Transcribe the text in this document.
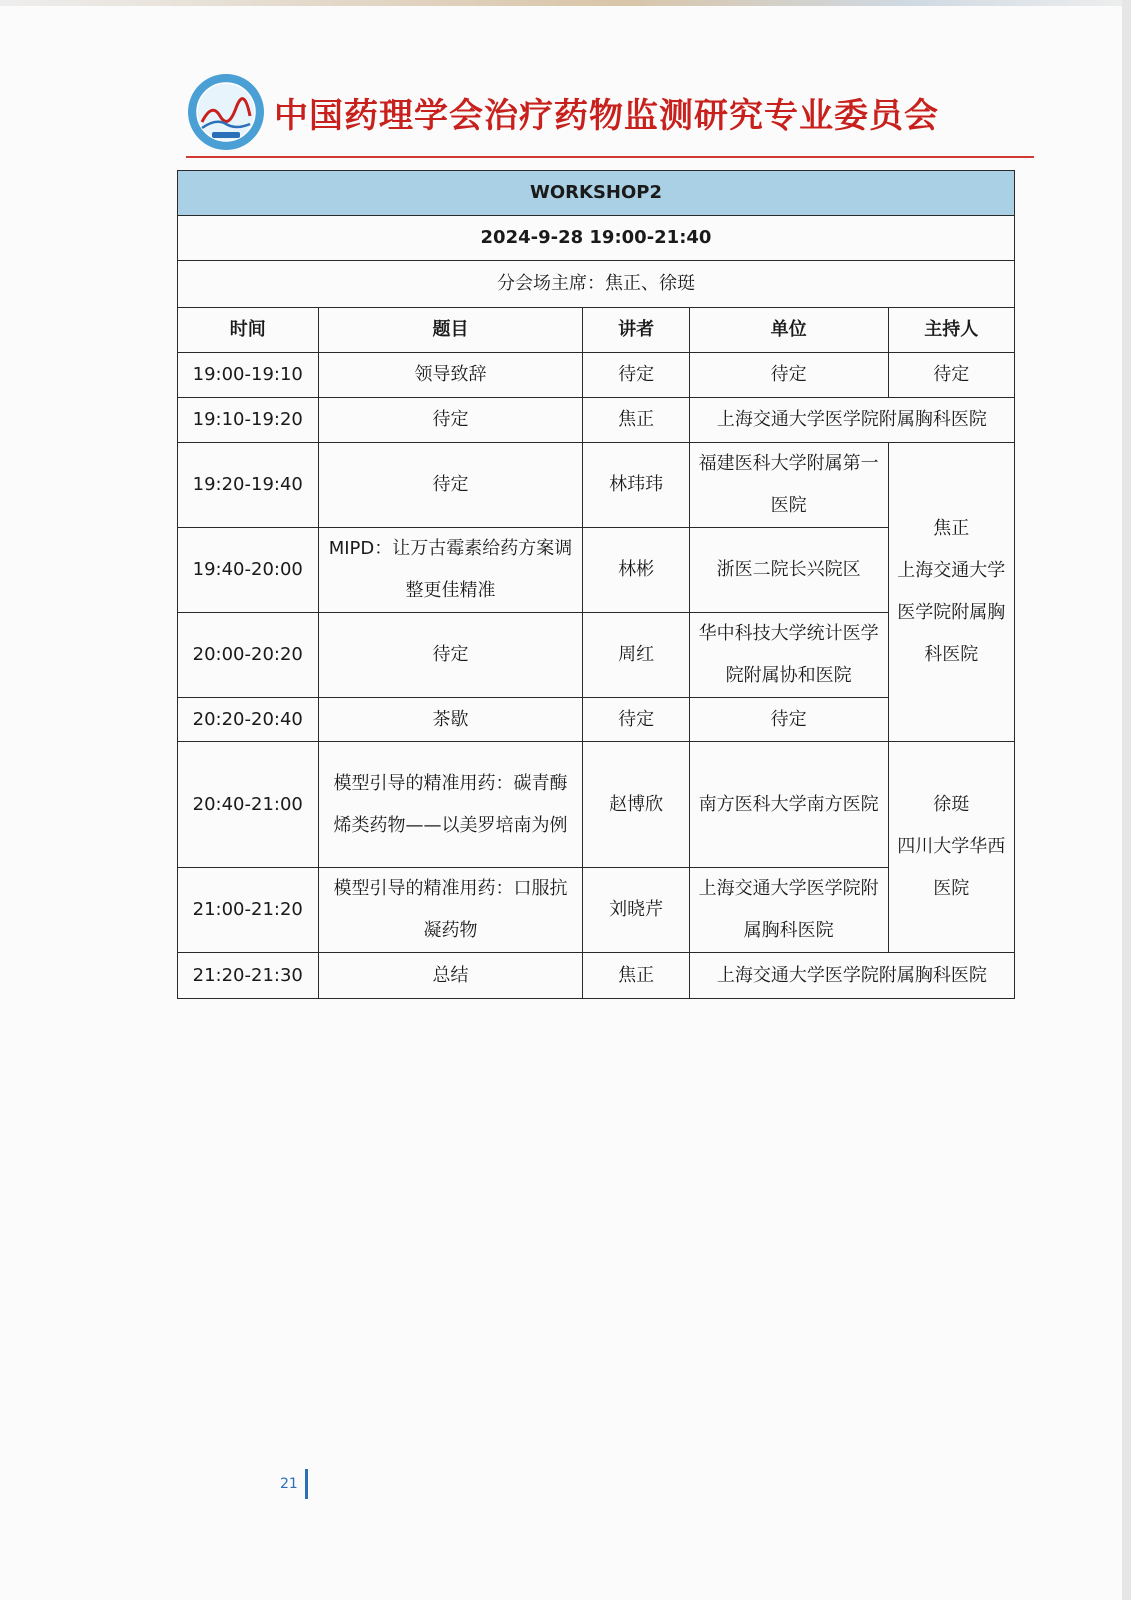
中国药理学会治疗药物监测研究专业委员会
WORKSHOP2				
2024-9-28 19:00-21:40				
分会场主席：焦正、徐珽				
时间	题目	讲者	单位	主持人
19:00-19:10	领导致辞	待定	待定	待定
19:10-19:20	待定	焦正	上海交通大学医学院附属胸科医院	
19:20-19:40	待定	林玮玮	福建医科大学附属第一医院	焦正
上海交通大学医学院附属胸科医院

19:40-20:00	MIPD：让万古霉素给药方案调整更佳精准	林彬	浙医二院长兴院区	
20:00-20:20	待定	周红	华中科技大学统计医学院附属协和医院	
20:20-20:40	茶歇	待定	待定	
20:40-21:00	模型引导的精准用药：碳青酶烯类药物——以美罗培南为例	赵博欣	南方医科大学南方医院	徐珽
四川大学华西医院

21:00-21:20	模型引导的精准用药：口服抗凝药物	刘晓芹	上海交通大学医学院附属胸科医院	
21:20-21:30	总结	焦正	上海交通大学医学院附属胸科医院	
21
